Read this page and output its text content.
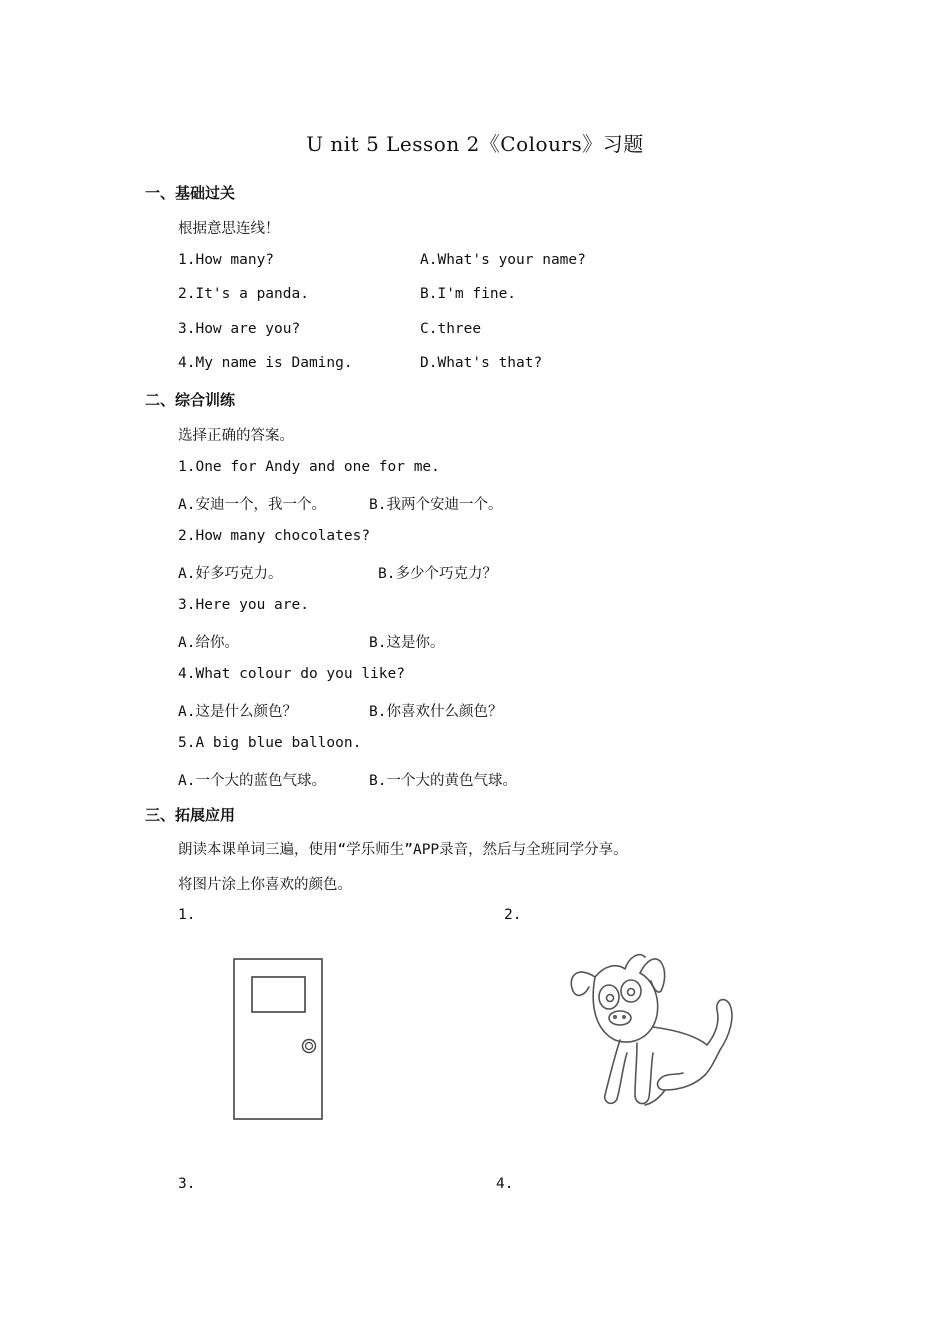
U nit 5 Lesson 2《Colours》习题
一、基础过关
根据意思连线！
1.How many?	A.What's your name?
2.It's a panda.	B.I'm fine.
3.How are you?	C.three
4.My name is Daming.	D.What's that?
二、综合训练
选择正确的答案。
1.One for Andy and one for me.
A.安迪一个，我一个。	B.我两个安迪一个。
2.How many chocolates?
A.好多巧克力。	B.多少个巧克力？
3.Here you are.
A.给你。	B.这是你。
4.What colour do you like?
A.这是什么颜色？	B.你喜欢什么颜色？
5.A big blue balloon.
A.一个大的蓝色气球。	B.一个大的黄色气球。
三、拓展应用
朗读本课单词三遍，使用“学乐师生”APP录音，然后与全班同学分享。
将图片涂上你喜欢的颜色。
1.	2.
3.	4.
